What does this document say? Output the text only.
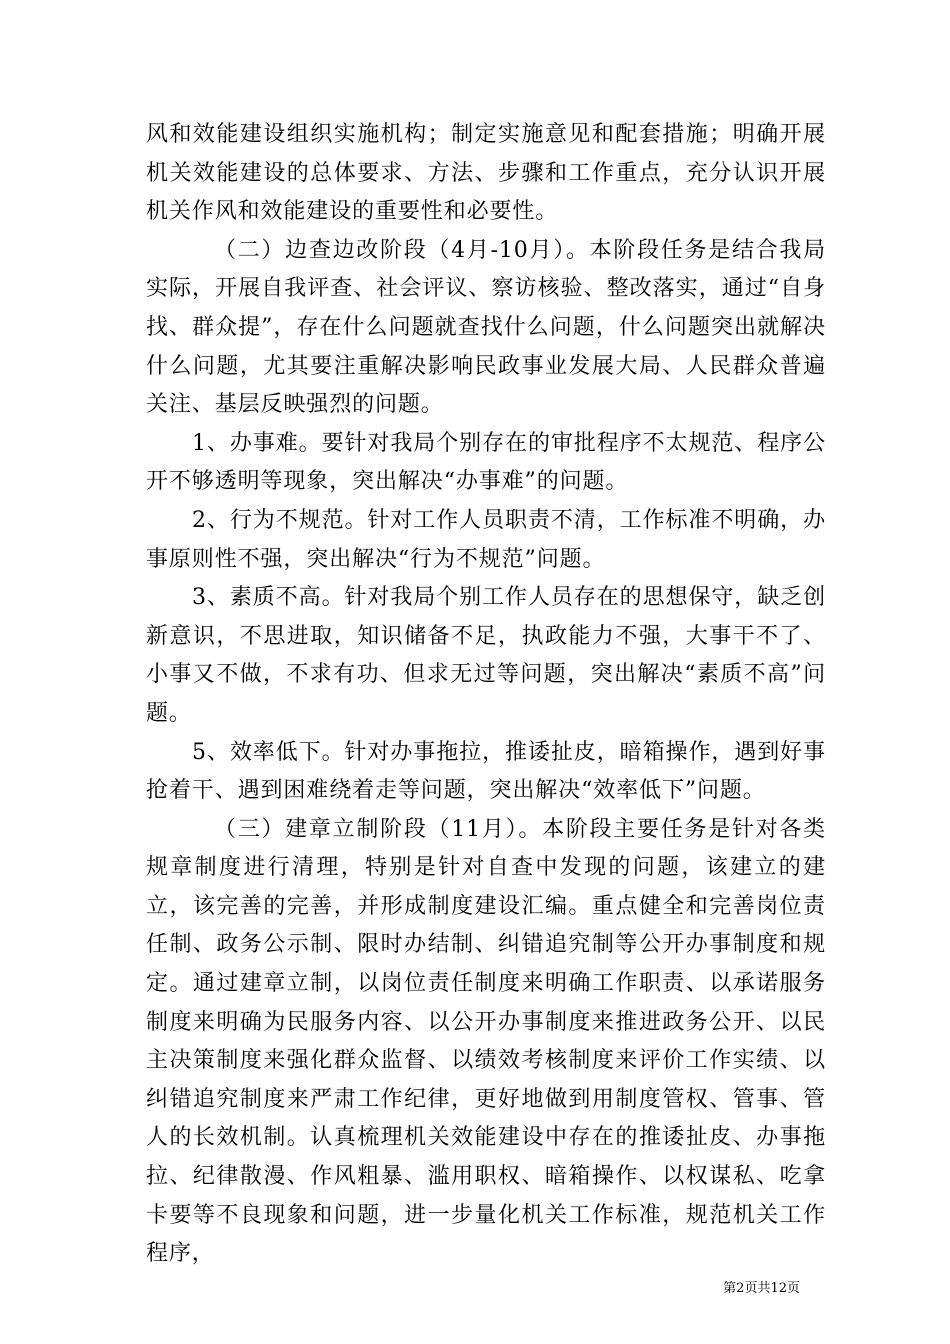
风和效能建设组织实施机构；制定实施意见和配套措施；明确开展机关效能建设的总体要求、方法、步骤和工作重点，充分认识开展机关作风和效能建设的重要性和必要性。

（二）边查边改阶段（4月-10月）。本阶段任务是结合我局实际，开展自我评查、社会评议、察访核验、整改落实，通过“自身找、群众提”，存在什么问题就查找什么问题，什么问题突出就解决什么问题，尤其要注重解决影响民政事业发展大局、人民群众普遍关注、基层反映强烈的问题。

1、办事难。要针对我局个别存在的审批程序不太规范、程序公开不够透明等现象，突出解决“办事难”的问题。

2、行为不规范。针对工作人员职责不清，工作标准不明确，办事原则性不强，突出解决“行为不规范”问题。

3、素质不高。针对我局个别工作人员存在的思想保守，缺乏创新意识，不思进取，知识储备不足，执政能力不强，大事干不了、小事又不做，不求有功、但求无过等问题，突出解决“素质不高”问题。

5、效率低下。针对办事拖拉，推诿扯皮，暗箱操作，遇到好事抢着干、遇到困难绕着走等问题，突出解决“效率低下”问题。

（三）建章立制阶段（11月）。本阶段主要任务是针对各类规章制度进行清理，特别是针对自查中发现的问题，该建立的建立，该完善的完善，并形成制度建设汇编。重点健全和完善岗位责任制、政务公示制、限时办结制、纠错追究制等公开办事制度和规定。通过建章立制，以岗位责任制度来明确工作职责、以承诺服务制度来明确为民服务内容、以公开办事制度来推进政务公开、以民主决策制度来强化群众监督、以绩效考核制度来评价工作实绩、以纠错追究制度来严肃工作纪律，更好地做到用制度管权、管事、管人的长效机制。认真梳理机关效能建设中存在的推诿扯皮、办事拖拉、纪律散漫、作风粗暴、滥用职权、暗箱操作、以权谋私、吃拿卡要等不良现象和问题，进一步量化机关工作标准，规范机关工作程序，

第2页共12页
